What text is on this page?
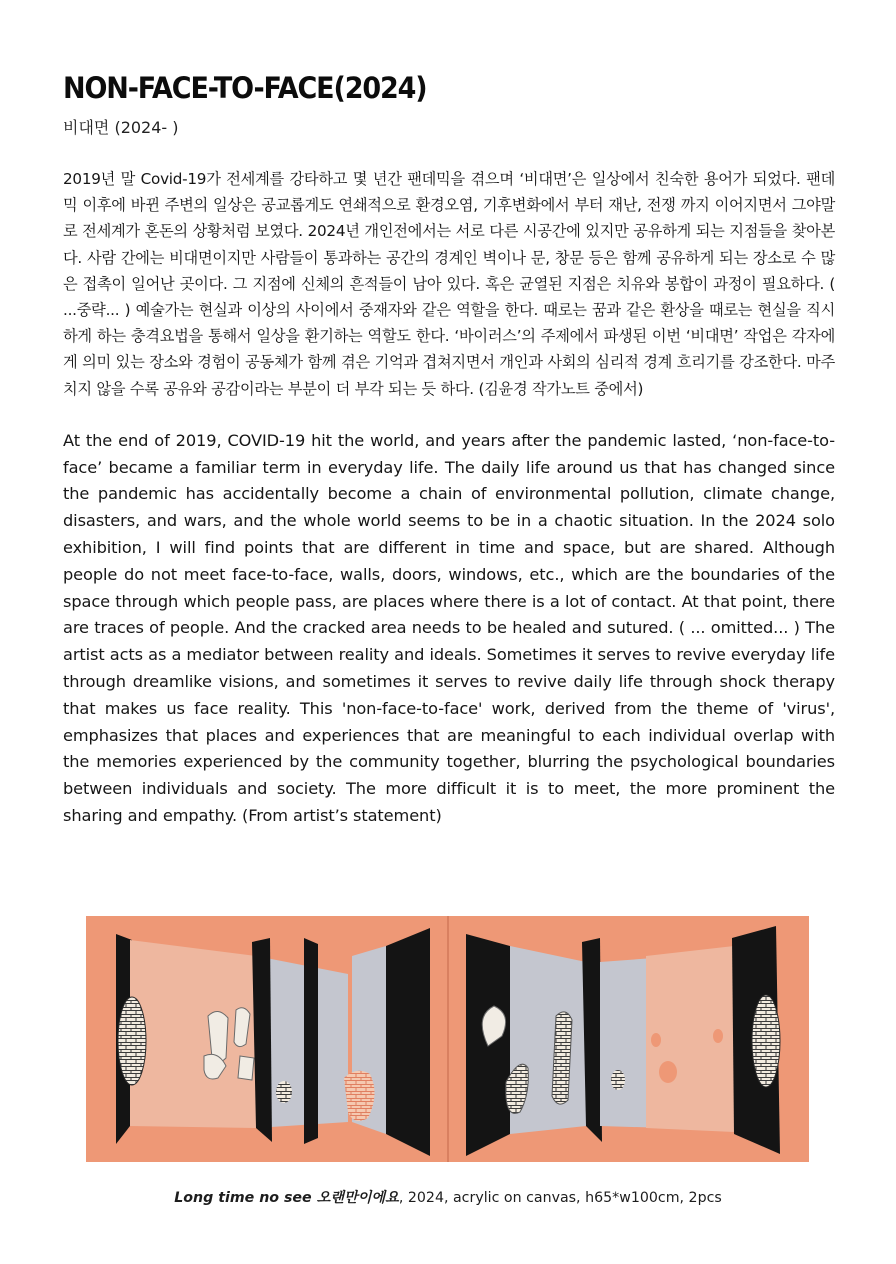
NON-FACE-TO-FACE(2024)
비대면 (2024- )

2019년 말 Covid-19가 전세계를 강타하고 몇 년간 팬데믹을 겪으며 ‘비대면’은 일상에서 친숙한 용어가 되었다. 팬데믹 이후에 바뀐 주변의 일상은 공교롭게도 연쇄적으로 환경오염, 기후변화에서 부터 재난, 전쟁 까지 이어지면서 그야말로 전세계가 혼돈의 상황처럼 보였다. 2024년 개인전에서는 서로 다른 시공간에 있지만 공유하게 되는 지점들을 찾아본다. 사람 간에는 비대면이지만 사람들이 통과하는 공간의 경계인 벽이나 문, 창문 등은 함께 공유하게 되는 장소로 수 많은 접촉이 일어난 곳이다. 그 지점에 신체의 흔적들이 남아 있다. 혹은 균열된 지점은 치유와 봉합이 과정이 필요하다. ( ...중략... ) 예술가는 현실과 이상의 사이에서 중재자와 같은 역할을 한다. 때로는 꿈과 같은 환상을 때로는 현실을 직시하게 하는 충격요법을 통해서 일상을 환기하는 역할도 한다. ‘바이러스’의 주제에서 파생된 이번 ‘비대면’ 작업은 각자에게 의미 있는 장소와 경험이 공동체가 함께 겪은 기억과 겹쳐지면서 개인과 사회의 심리적 경계 흐리기를 강조한다. 마주치지 않을 수록 공유와 공감이라는 부분이 더 부각 되는 듯 하다. (김윤경 작가노트 중에서)

At the end of 2019, COVID-19 hit the world, and years after the pandemic lasted, ‘non-face-to-face’ became a familiar term in everyday life. The daily life around us that has changed since the pandemic has accidentally become a chain of environmental pollution, climate change, disasters, and wars, and the whole world seems to be in a chaotic situation. In the 2024 solo exhibition, I will find points that are different in time and space, but are shared. Although people do not meet face-to-face, walls, doors, windows, etc., which are the boundaries of the space through which people pass, are places where there is a lot of contact. At that point, there are traces of people. And the cracked area needs to be healed and sutured. ( ... omitted... ) The artist acts as a mediator between reality and ideals. Sometimes it serves to revive everyday life through dreamlike visions, and sometimes it serves to revive daily life through shock therapy that makes us face reality. This 'non-face-to-face' work, derived from the theme of 'virus', emphasizes that places and experiences that are meaningful to each individual overlap with the memories experienced by the community together, blurring the psychological boundaries between individuals and society. The more difficult it is to meet, the more prominent the sharing and empathy. (From artist’s statement)

Long time no see 오랜만이에요, 2024, acrylic on canvas, h65*w100cm, 2pcs
